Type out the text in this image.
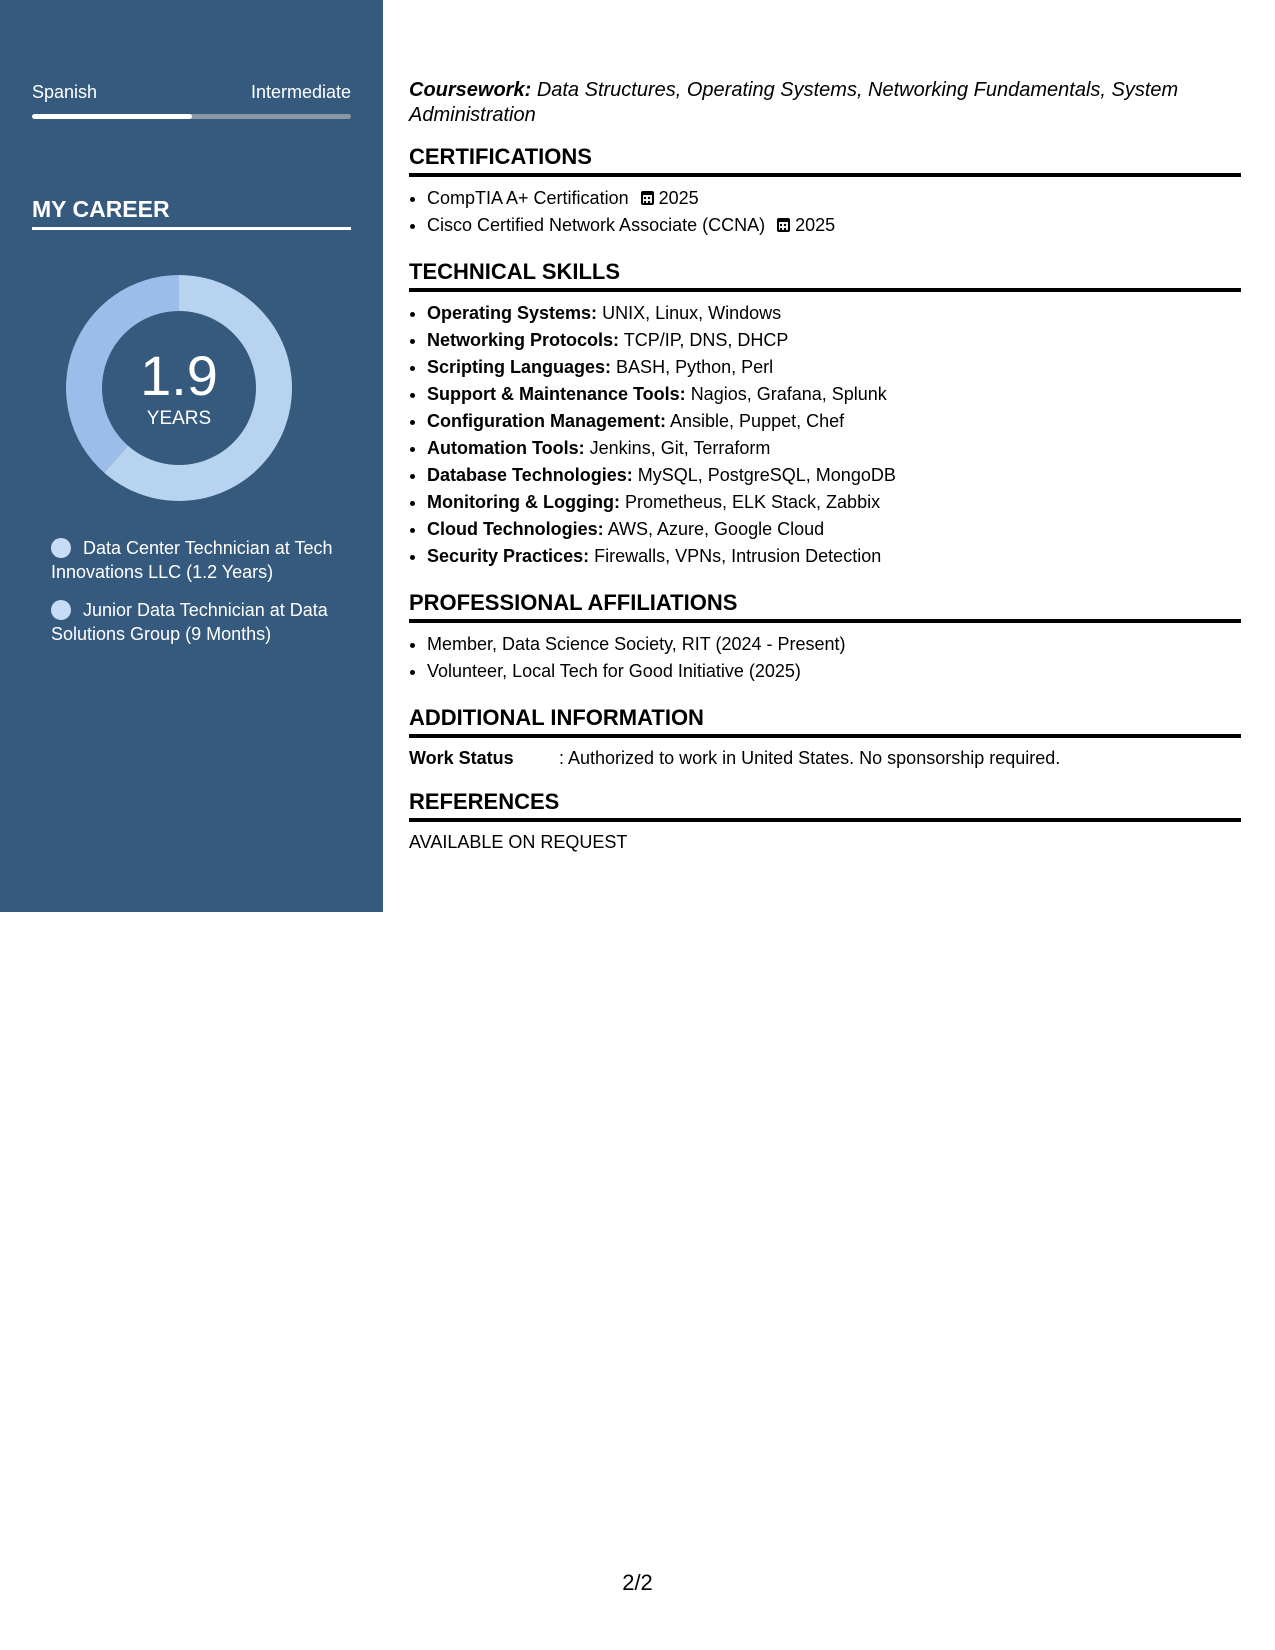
Spanish	Intermediate
MY CAREER
1.9
YEARS
Data Center Technician at Tech Innovations LLC (1.2 Years)
Junior Data Technician at Data Solutions Group (9 Months)

Coursework: Data Structures, Operating Systems, Networking Fundamentals, System Administration

CERTIFICATIONS
• CompTIA A+ Certification 2025
• Cisco Certified Network Associate (CCNA) 2025
TECHNICAL SKILLS
• Operating Systems: UNIX, Linux, Windows
• Networking Protocols: TCP/IP, DNS, DHCP
• Scripting Languages: BASH, Python, Perl
• Support & Maintenance Tools: Nagios, Grafana, Splunk
• Configuration Management: Ansible, Puppet, Chef
• Automation Tools: Jenkins, Git, Terraform
• Database Technologies: MySQL, PostgreSQL, MongoDB
• Monitoring & Logging: Prometheus, ELK Stack, Zabbix
• Cloud Technologies: AWS, Azure, Google Cloud
• Security Practices: Firewalls, VPNs, Intrusion Detection
PROFESSIONAL AFFILIATIONS
• Member, Data Science Society, RIT (2024 - Present)
• Volunteer, Local Tech for Good Initiative (2025)
ADDITIONAL INFORMATION
Work Status	: Authorized to work in United States. No sponsorship required.
REFERENCES

AVAILABLE ON REQUEST

2/2
